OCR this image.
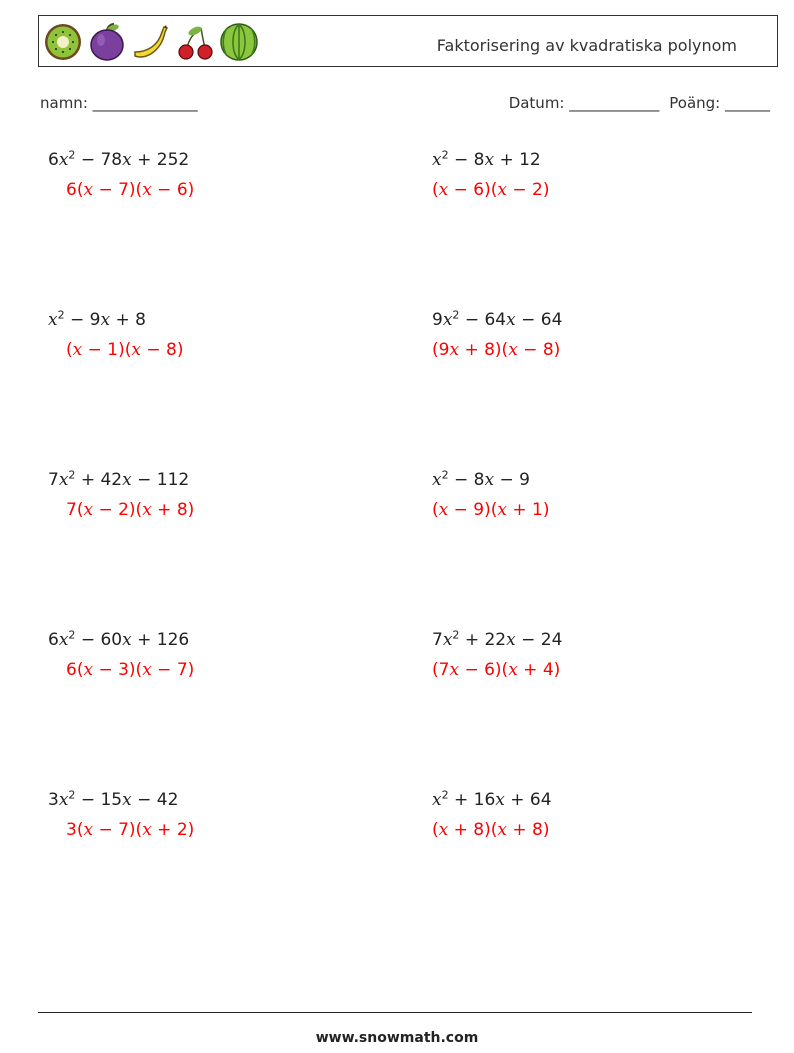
Faktorisering av kvadratiska polynom
namn: ______________	Datum: ____________ Poäng: ______
$6x^2 - 78x + 252$
6(x − 7)(x − 6)
$x^2 - 8x + 12$
(x − 6)(x − 2)
$x^2 - 9x + 8$
(x − 1)(x − 8)
$9x^2 - 64x - 64$
(9x + 8)(x − 8)
$7x^2 + 42x - 112$
7(x − 2)(x + 8)
$x^2 - 8x - 9$
(x − 9)(x + 1)
$6x^2 - 60x + 126$
6(x − 3)(x − 7)
$7x^2 + 22x - 24$
(7x − 6)(x + 4)
$3x^2 - 15x - 42$
3(x − 7)(x + 2)
$x^2 + 16x + 64$
(x + 8)(x + 8)
www.snowmath.com
